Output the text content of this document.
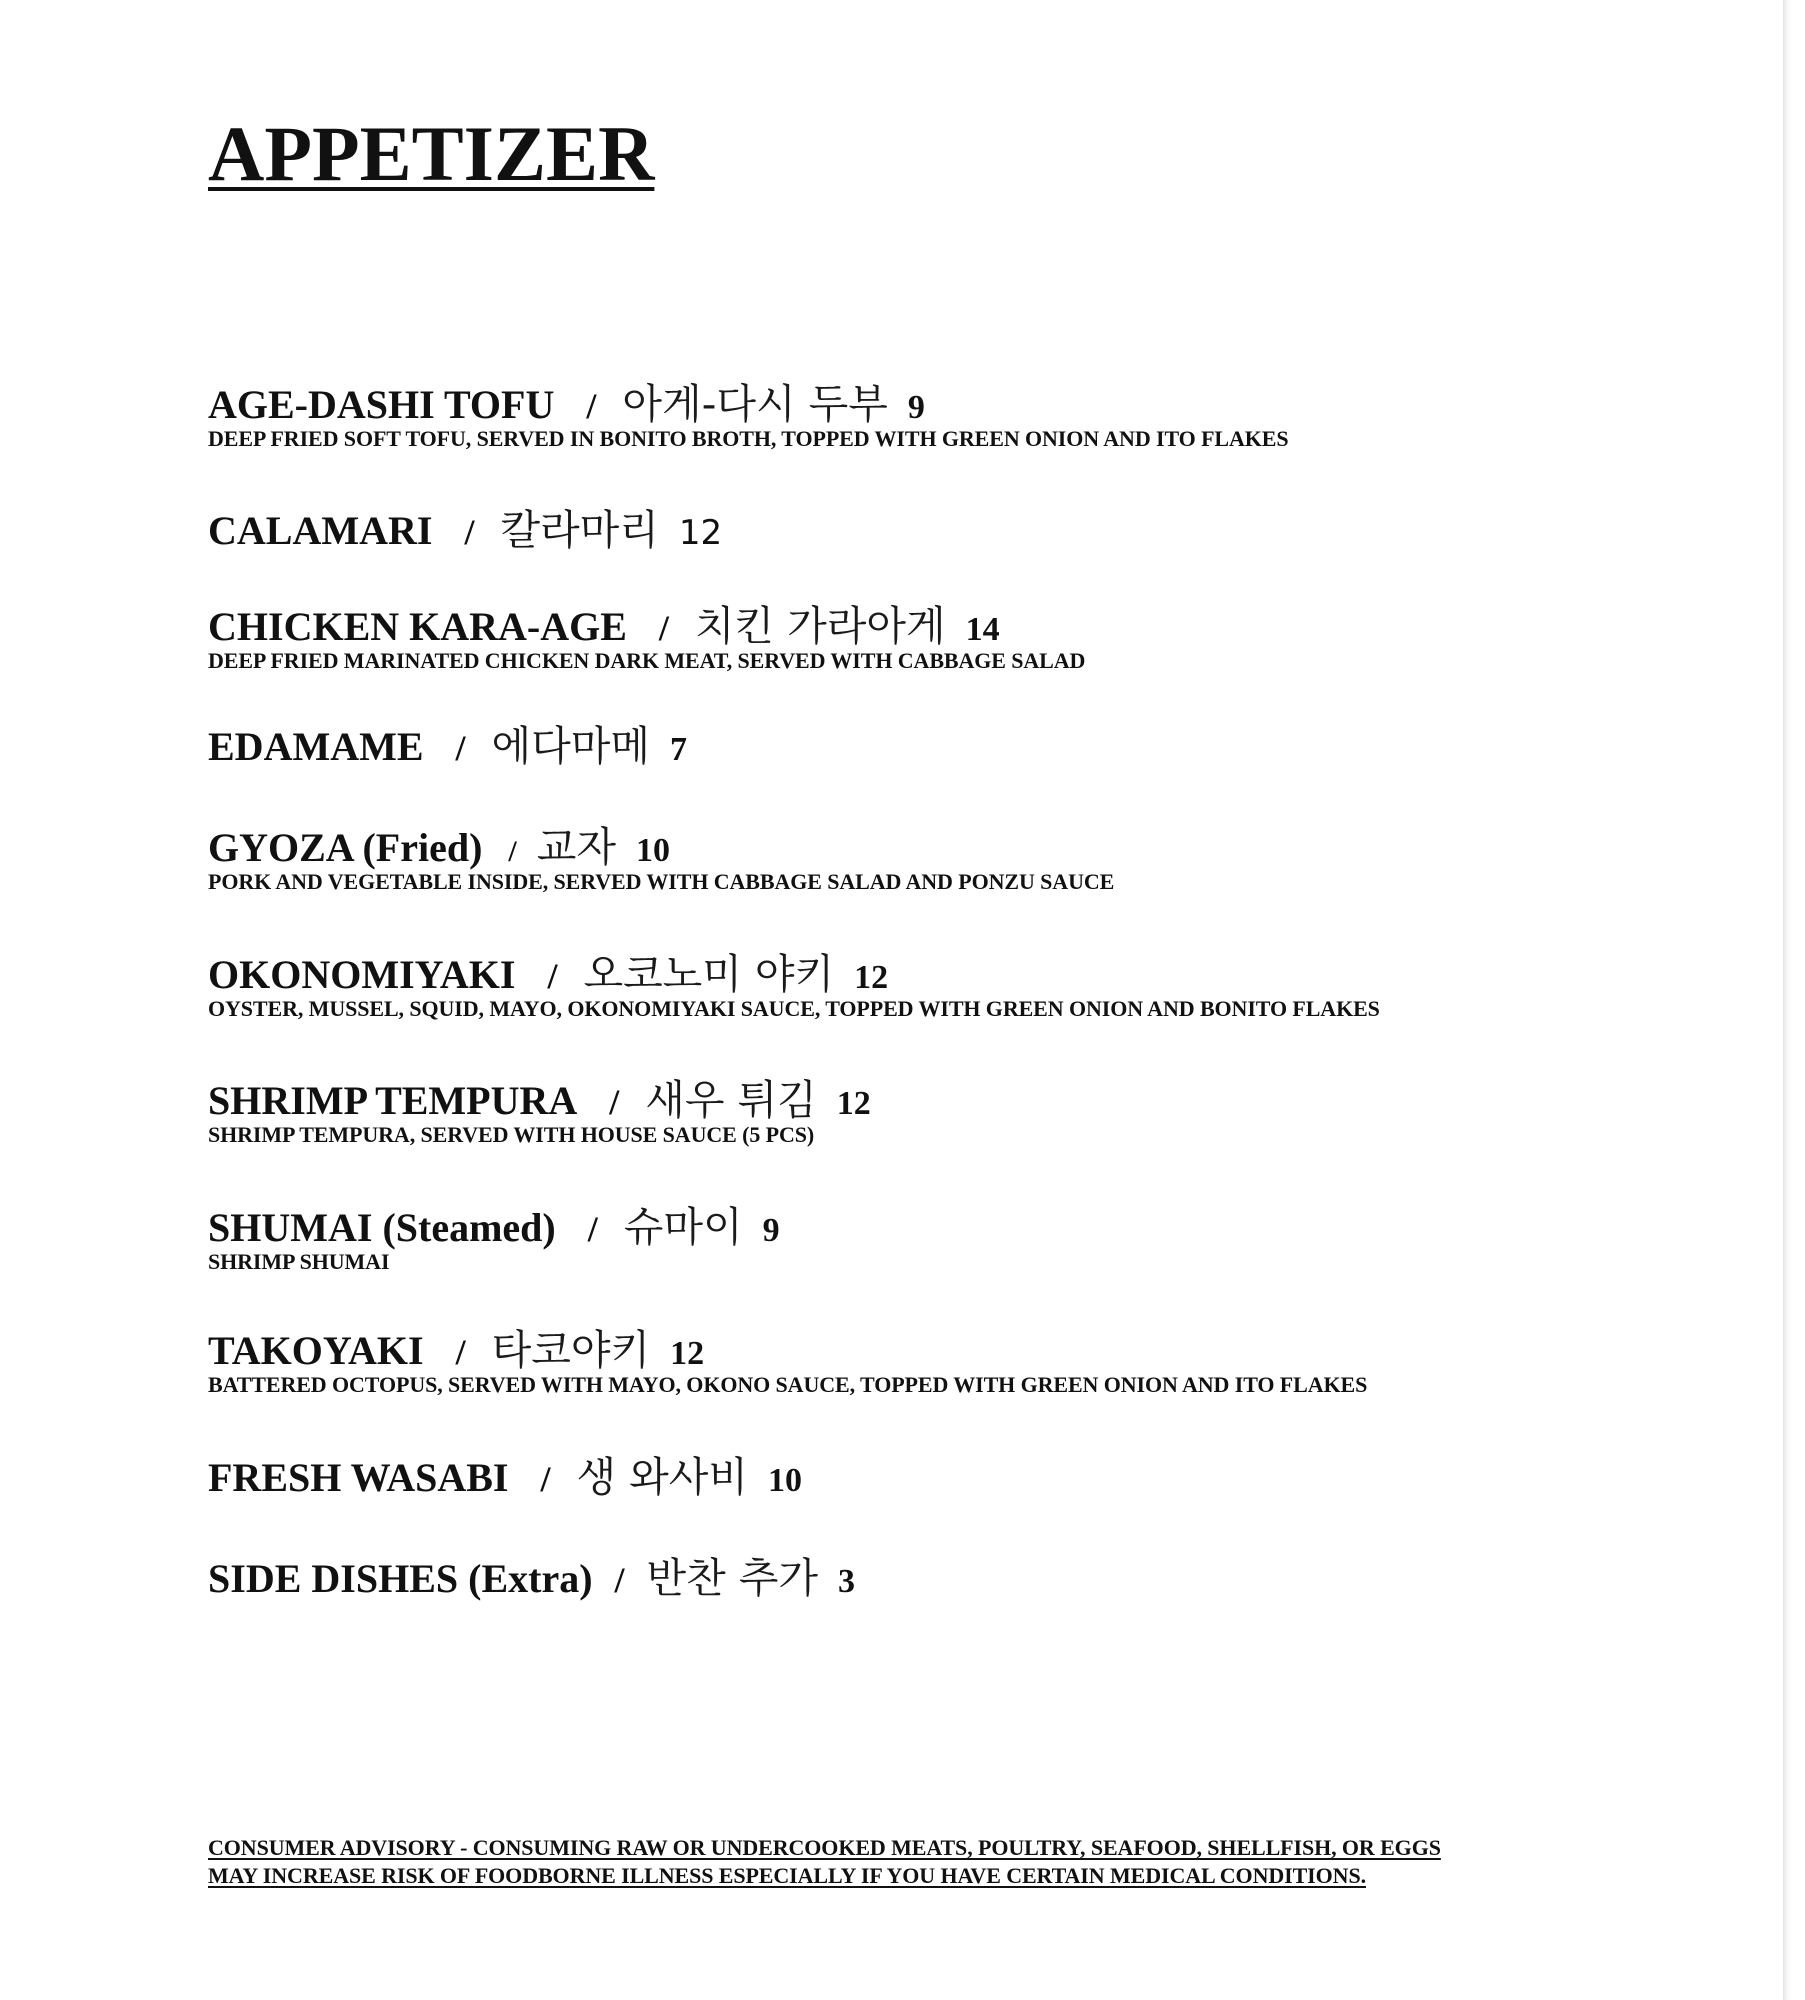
APPETIZER
AGE-DASHI TOFU / 아게-다시 두부 9
DEEP FRIED SOFT TOFU, SERVED IN BONITO BROTH, TOPPED WITH GREEN ONION AND ITO FLAKES
CALAMARI / 칼라마리 12
CHICKEN KARA-AGE / 치킨 가라아게 14
DEEP FRIED MARINATED CHICKEN DARK MEAT, SERVED WITH CABBAGE SALAD
EDAMAME / 에다마메 7
GYOZA (Fried) / 교자 10
PORK AND VEGETABLE INSIDE, SERVED WITH CABBAGE SALAD AND PONZU SAUCE
OKONOMIYAKI / 오코노미 야키 12
OYSTER, MUSSEL, SQUID, MAYO, OKONOMIYAKI SAUCE, TOPPED WITH GREEN ONION AND BONITO FLAKES
SHRIMP TEMPURA / 새우 튀김 12
SHRIMP TEMPURA, SERVED WITH HOUSE SAUCE (5 PCS)
SHUMAI (Steamed) / 슈마이 9
SHRIMP SHUMAI
TAKOYAKI / 타코야키 12
BATTERED OCTOPUS, SERVED WITH MAYO, OKONO SAUCE, TOPPED WITH GREEN ONION AND ITO FLAKES
FRESH WASABI / 생 와사비 10
SIDE DISHES (Extra) / 반찬 추가 3
CONSUMER ADVISORY - CONSUMING RAW OR UNDERCOOKED MEATS, POULTRY, SEAFOOD, SHELLFISH, OR EGGS
MAY INCREASE RISK OF FOODBORNE ILLNESS ESPECIALLY IF YOU HAVE CERTAIN MEDICAL CONDITIONS.
